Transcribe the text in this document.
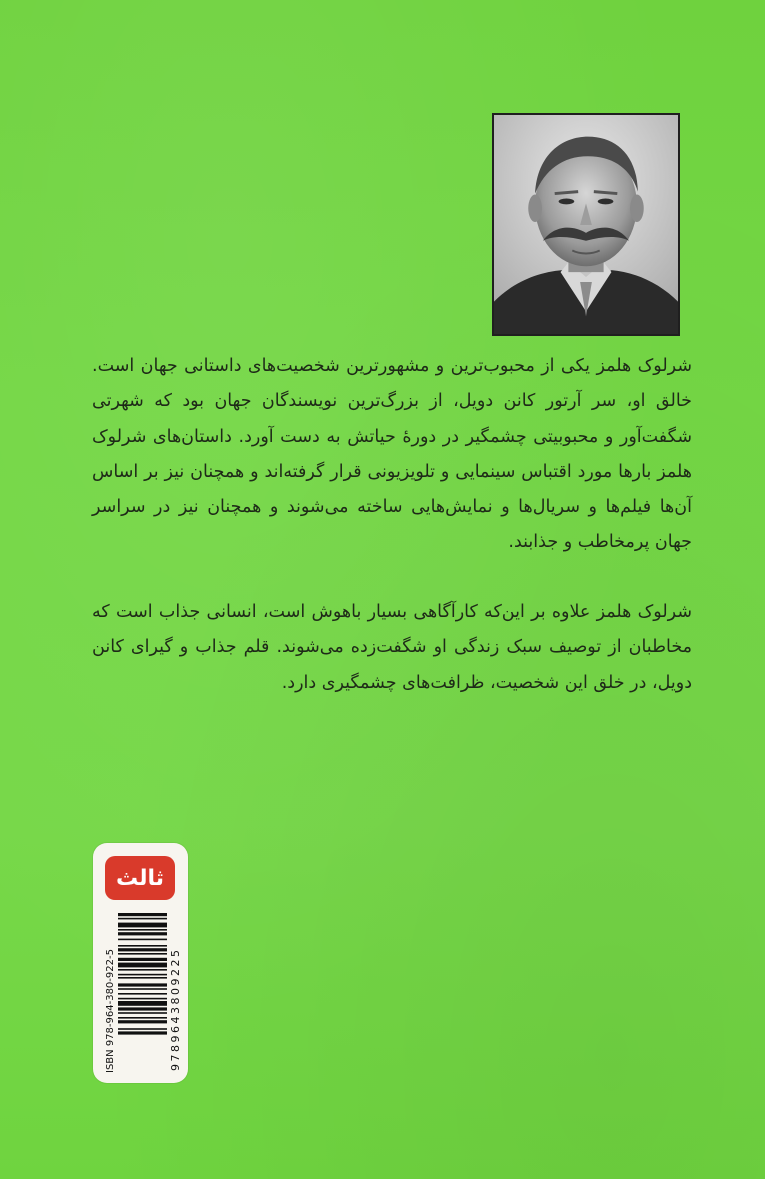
شرلوک هلمز یکی از محبوب‌ترین و مشهورترین شخصیت‌های داستانی جهان است. خالق او، سر آرتور کانن دویل، از بزرگ‌ترین نویسندگان جهان بود که شهرتی شگفت‌آور و محبوبیتی چشمگیر در دورهٔ حیاتش به دست آورد. داستان‌های شرلوک هلمز بارها مورد اقتباس سینمایی و تلویزیونی قرار گرفته‌اند و همچنان نیز بر اساس آن‌ها فیلم‌ها و سریال‌ها و نمایش‌هایی ساخته می‌شوند و همچنان نیز در سراسر جهان پرمخاطب و جذابند.

شرلوک هلمز علاوه بر این‌که کارآگاهی بسیار باهوش است، انسانی جذاب است که مخاطبان از توصیف سبک زندگی او شگفت‌زده می‌شوند. قلم جذاب و گیرای کانن دویل، در خلق این شخصیت، ظرافت‌های چشمگیری دارد.

ثالث
ISBN 978-964-380-922-5	9789643809225
